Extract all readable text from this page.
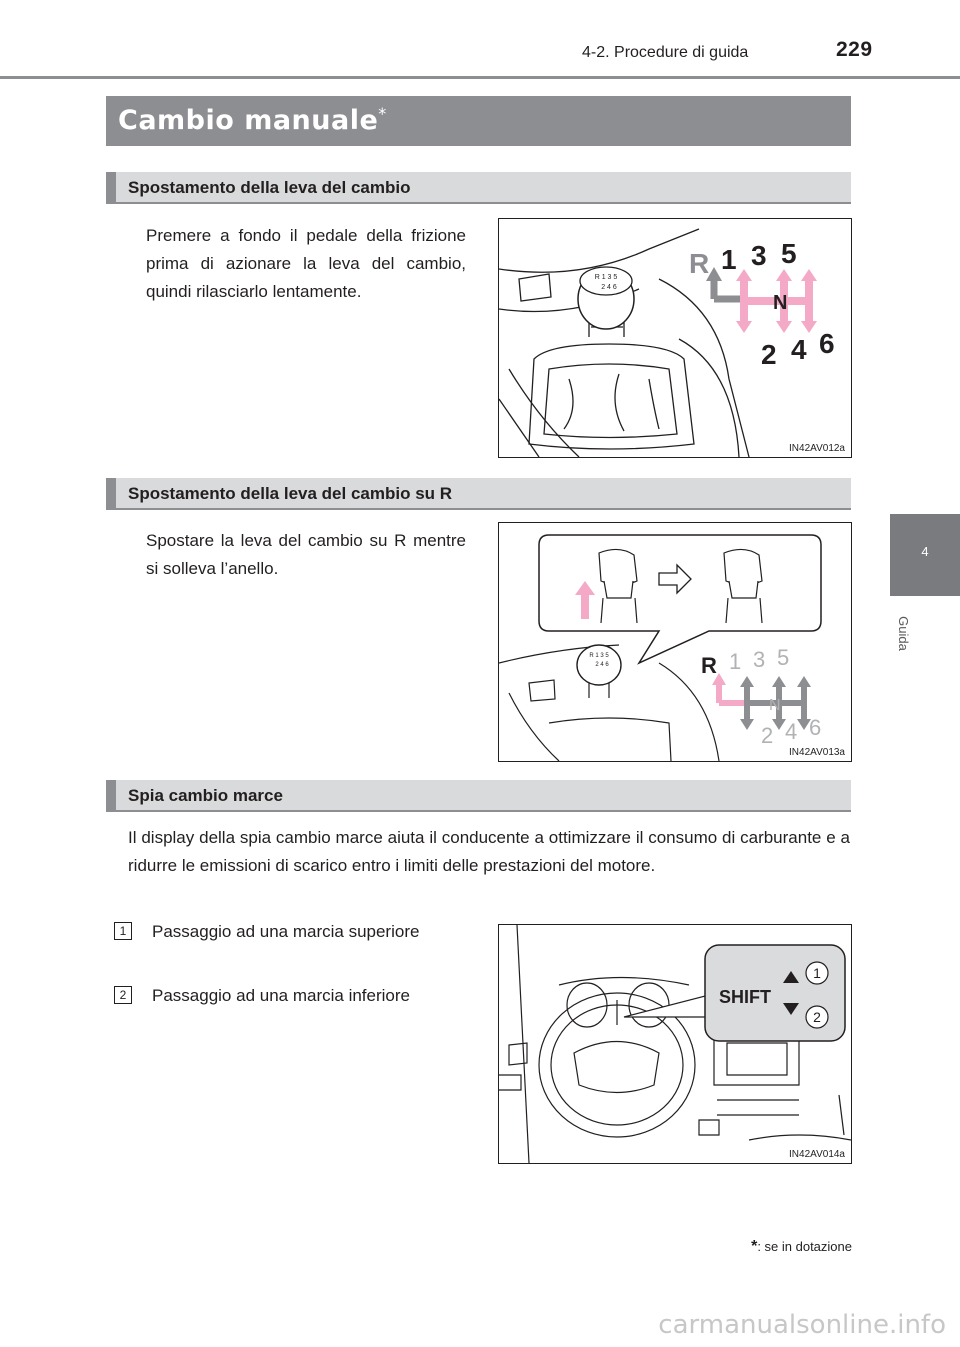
4-2. Procedure di guida	229
4
Guida
Cambio manuale*
Spostamento della leva del cambio
Premere a fondo il pedale della frizione prima di azionare la leva del cambio, quindi rilasciarlo lentamente.
R 1 3 5
2 4 6
R 1 3 5
N
2 4 6
IN42AV012a
Spostamento della leva del cambio su R
Spostare la leva del cambio su R mentre si solleva l’anello.
R 1 3 5
2 4 6	R 1 3 5
N
2 4 6
IN42AV013a
Spia cambio marce
Il display della spia cambio marce aiuta il conducente a ottimizzare il consumo di carburante e a ridurre le emissioni di scarico entro i limiti delle prestazioni del motore.
1	Passaggio ad una marcia superiore
2	Passaggio ad una marcia inferiore	SHIFT
1
2
IN42AV014a
*: se in dotazione
carmanualsonline.info
